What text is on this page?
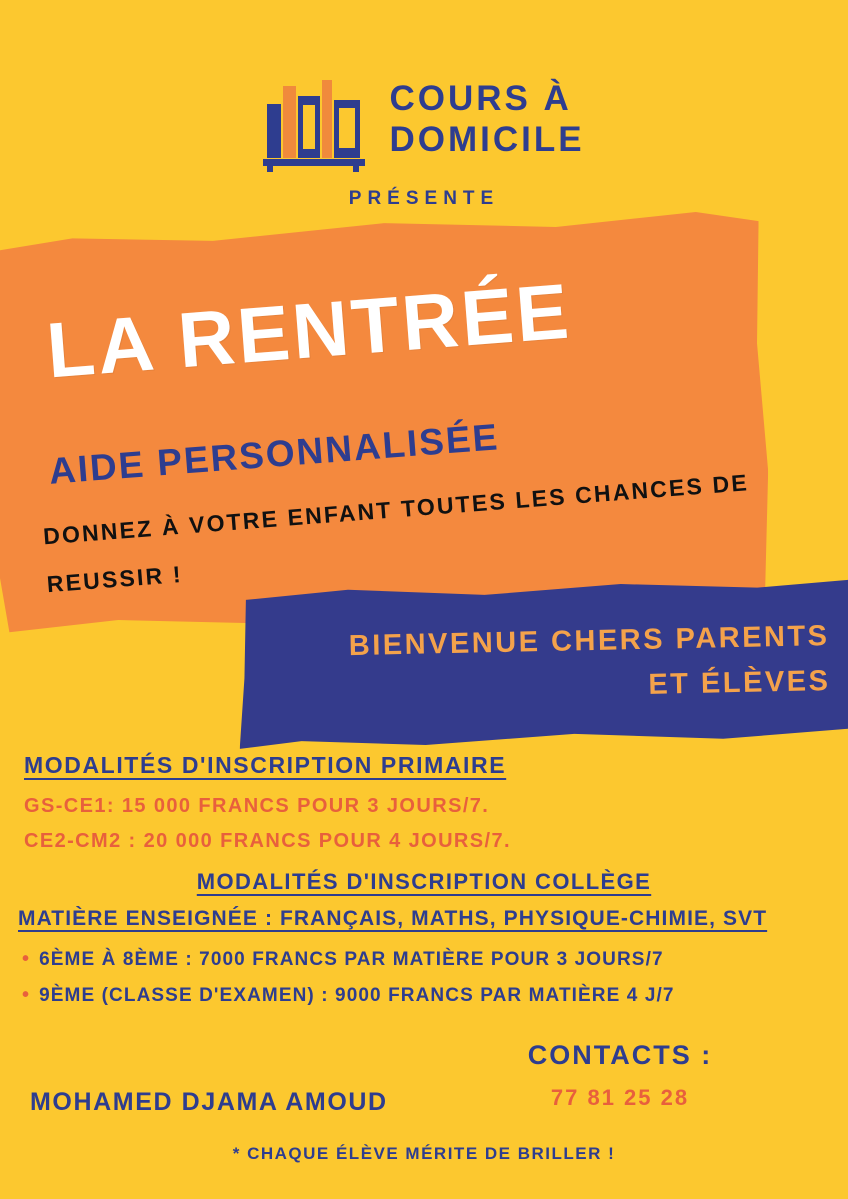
COURS À
DOMICILE
PRÉSENTE
LA RENTRÉE
AIDE PERSONNALISÉE
DONNEZ À VOTRE ENFANT TOUTES LES CHANCES DE REUSSIR !
BIENVENUE CHERS PARENTS
ET ÉLÈVES
MODALITÉS D'INSCRIPTION PRIMAIRE
GS-CE1: 15 000 FRANCS POUR 3 JOURS/7.
CE2-CM2 : 20 000 FRANCS POUR 4 JOURS/7.
MODALITÉS D'INSCRIPTION COLLÈGE
MATIÈRE ENSEIGNÉE : FRANÇAIS, MATHS, PHYSIQUE-CHIMIE, SVT
• 6ÈME À 8ÈME : 7000 FRANCS PAR MATIÈRE POUR 3 JOURS/7
• 9ÈME (CLASSE D'EXAMEN) : 9000 FRANCS PAR MATIÈRE 4 J/7
CONTACTS :
77 81 25 28
MOHAMED DJAMA AMOUD
* CHAQUE ÉLÈVE MÉRITE DE BRILLER !
